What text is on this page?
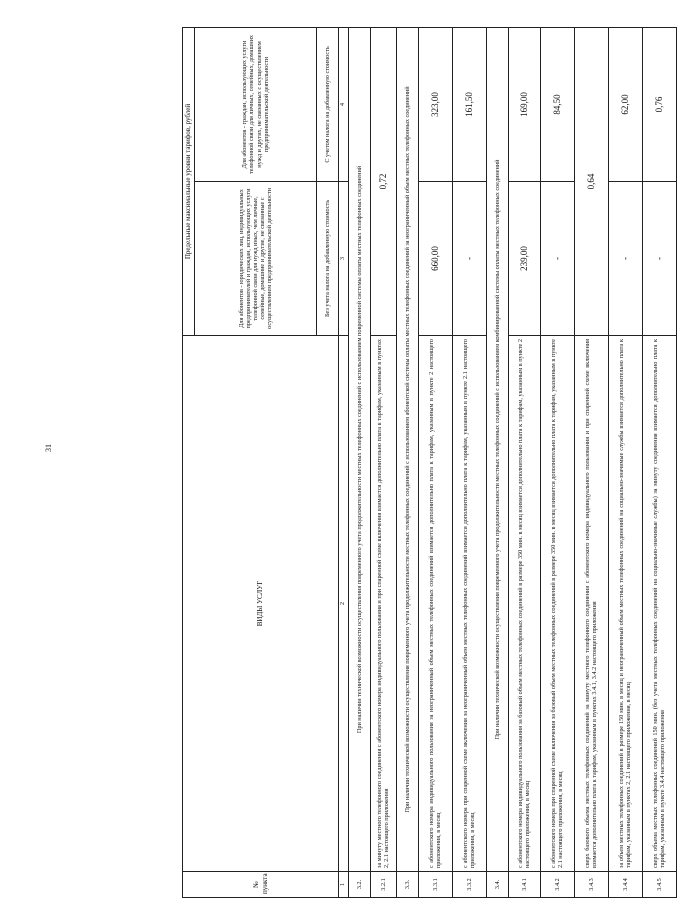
31
№ пункта	ВИДЫ УСЛУГ	Предельные максимальные уровни тарифов, рублей	
		Для абонентов - юридических лиц, индивидуальных предпринимателей и граждан, использующих услуги телефонной связи для нужд иных, чем личные, семейные, домашние и другие, не связанные с осуществлением предпринимательской деятельности	Для абонентов - граждан, использующих услуги телефонной связи для личных, семейных, домашних нужд и других, не связанных с осуществлением предпринимательской деятельности
		Без учета налога на добавленную стоимость	С учетом налога на добавленную стоимость
1	2	3	4
3.2.	При наличии технической возможности осуществления повременного учета продолжительности местных телефонных соединений с использованием повременной системы оплаты местных телефонных соединений		
3.2.1	за минуту местного телефонного соединения с абонентского номера индивидуального пользования и при спаренной схеме включения взимается дополнительно плата к тарифам, указанным в пунктах 2, 2.1 настоящего приложения	0,72	
3.3.	При наличии технической возможности осуществления повременного учета продолжительности местных телефонных соединений с использованием абонентской системы оплаты местных телефонных соединений за неограниченный объем местных телефонных соединений		
3.3.1	с абонентского номера индивидуального пользования за неограниченный объем местных телефонных соединений взимается дополнительно плата к тарифам, указанным в пункте 2 настоящего приложения, в месяц	660,00	323,00
3.3.2	с абонентского номера при спаренной схеме включения за неограниченный объем местных телефонных соединений взимается дополнительно плата к тарифам, указанным в пункте 2.1 настоящего приложения, в месяц	-	161,50
3.4.	При наличии технической возможности осуществления повременного учета продолжительности местных телефонных соединений с использованием комбинированной системы оплаты местных телефонных соединений		
3.4.1	с абонентского номера индивидуального пользования за базовый объем местных телефонных соединений в размере 350 мин. в месяц взимается дополнительно плата к тарифам, указанным в пункте 2 настоящего приложения, в месяц	239,00	169,00
3.4.2	с абонентского номера при спаренной схеме включения за базовый объем местных телефонных соединений в размере 350 мин. в месяц взимается дополнительно плата к тарифам, указанным в пункте 2.1 настоящего приложения, в месяц	-	84,50
3.4.3	сверх базового объема местных телефонных соединений за минуту местного телефонного соединения с абонентского номера индивидуального пользования и при спаренной схеме включения взимается дополнительно плата к тарифам, указанным в пунктах 3.4.1, 3.4.2 настоящего приложения	0,64	
3.4.4	за объем местных телефонных соединений в размере 150 мин. в месяц и неограниченный объем местных телефонных соединений на социально-значимые службы взимается дополнительно плата к тарифам, указанным в пунктах 2, 2.1 настоящего приложения, в месяц	-	62,00
3.4.5	сверх объема местных телефонных соединений 150 мин. (без учета местных телефонных соединений на социально-значимые службы) за минуту соединения взимается дополнительно плата к тарифам, указанным в пункте 3.4.4 настоящего приложения	-	0,76
